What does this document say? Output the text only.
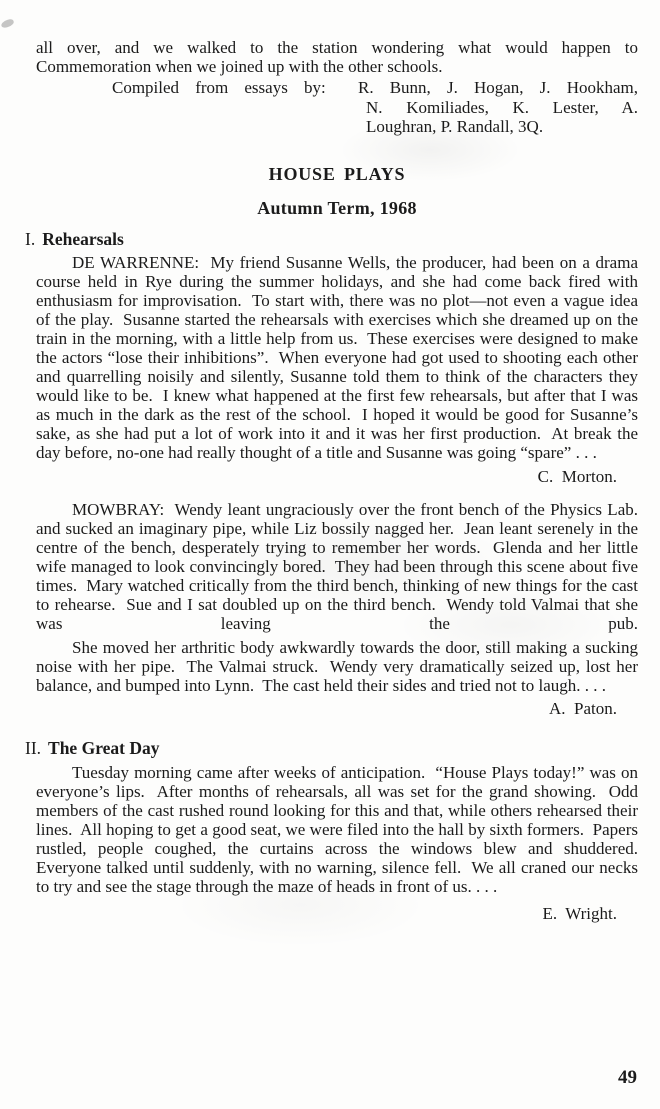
all over, and we walked to the station wondering what would happen to Commemoration when we joined up with the other schools.

Compiled from essays by:  R. Bunn, J. Hogan, J. Hookham,
N. Komiliades, K. Lester, A.
Loughran, P. Randall, 3Q.
HOUSE PLAYS
Autumn Term, 1968
I. Rehearsals

DE WARRENNE:  My friend Susanne Wells, the producer, had been on a drama course held in Rye during the summer holidays, and she had come back fired with enthusiasm for improvisation.  To start with, there was no plot—not even a vague idea of the play.  Susanne started the rehearsals with exercises which she dreamed up on the train in the morning, with a little help from us.  These exercises were designed to make the actors “lose their inhibitions”.  When everyone had got used to shooting each other and quarrelling noisily and silently, Susanne told them to think of the characters they would like to be.  I knew what happened at the first few rehearsals, but after that I was as much in the dark as the rest of the school.  I hoped it would be good for Susanne’s sake, as she had put a lot of work into it and it was her first production.  At break the day before, no-one had really thought of a title and Susanne was going “spare” . . .

C.  Morton.

MOWBRAY:  Wendy leant ungraciously over the front bench of the Physics Lab. and sucked an imaginary pipe, while Liz bossily nagged her.  Jean leant serenely in the centre of the bench, desperately trying to remember her words.  Glenda and her little wife managed to look convincingly bored.  They had been through this scene about five times.  Mary watched critically from the third bench, thinking of new things for the cast to rehearse.  Sue and I sat doubled up on the third bench.  Wendy told Valmai that she was leaving the pub.

She moved her arthritic body awkwardly towards the door, still making a sucking noise with her pipe.  The Valmai struck.  Wendy very dramatically seized up, lost her balance, and bumped into Lynn.  The cast held their sides and tried not to laugh. . . .

A.  Paton.

II. The Great Day

Tuesday morning came after weeks of anticipation.  “House Plays today!” was on everyone’s lips.  After months of rehearsals, all was set for the grand showing.  Odd members of the cast rushed round looking for this and that, while others rehearsed their lines.  All hoping to get a good seat, we were filed into the hall by sixth formers.  Papers rustled, people coughed, the curtains across the windows blew and shuddered.  Everyone talked until suddenly, with no warning, silence fell.  We all craned our necks to try and see the stage through the maze of heads in front of us. . . .

E.  Wright.

49
